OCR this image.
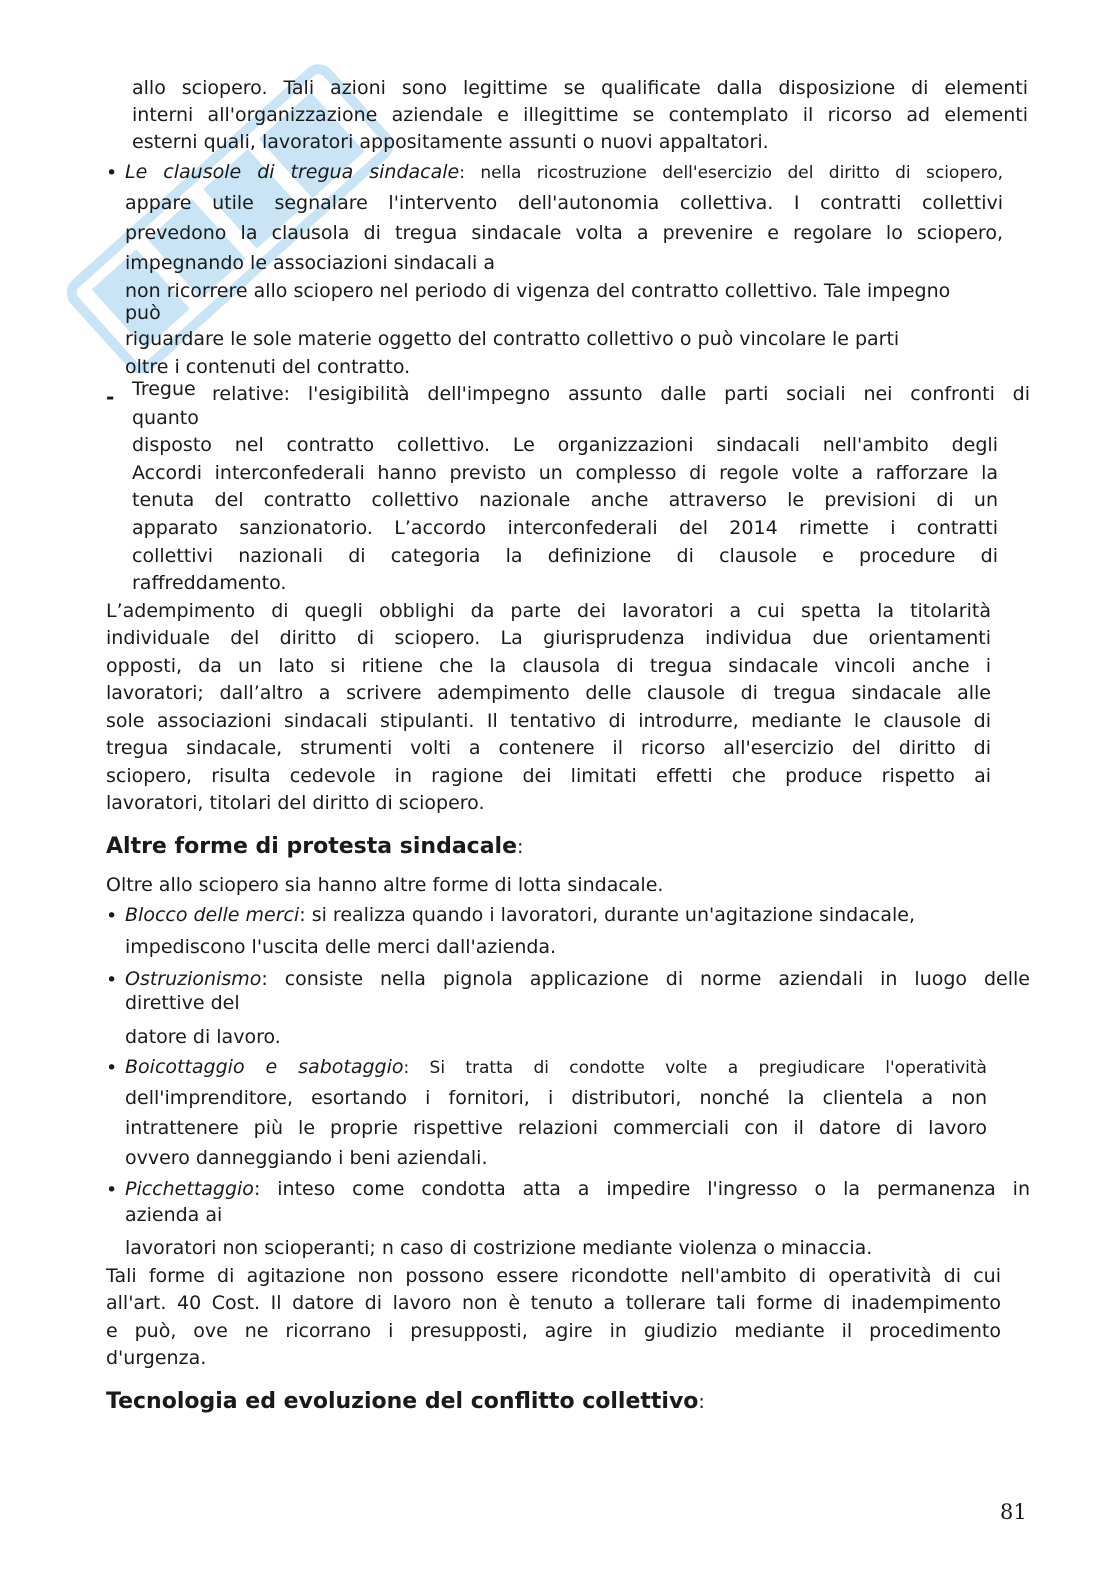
allo sciopero. Tali azioni sono legittime se qualificate dalla disposizione di elementi

interni all'organizzazione aziendale e illegittime se contemplato il ricorso ad elementi

esterni quali, lavoratori appositamente assunti o nuovi appaltatori.

• Le clausole di tregua sindacale: nella ricostruzione dell'esercizio del diritto di sciopero,

appare utile segnalare l'intervento dell'autonomia collettiva. I contratti collettivi

prevedono la clausola di tregua sindacale volta a prevenire e regolare lo sciopero,

impegnando le associazioni sindacali a

non ricorrere allo sciopero nel periodo di vigenza del contratto collettivo. Tale impegno

può

riguardare le sole materie oggetto del contratto collettivo o può vincolare le parti

oltre i contenuti del contratto.

- Tregue relative: l'esigibilità dell'impegno assunto dalle parti sociali nei confronti di

quanto

disposto nel contratto collettivo. Le organizzazioni sindacali nell'ambito degli

Accordi interconfederali hanno previsto un complesso di regole volte a rafforzare la

tenuta del contratto collettivo nazionale anche attraverso le previsioni di un

apparato sanzionatorio. L’accordo interconfederali del 2014 rimette i contratti

collettivi nazionali di categoria la definizione di clausole e procedure di

raffreddamento.

L’adempimento di quegli obblighi da parte dei lavoratori a cui spetta la titolarità

individuale del diritto di sciopero. La giurisprudenza individua due orientamenti

opposti, da un lato si ritiene che la clausola di tregua sindacale vincoli anche i

lavoratori; dall’altro a scrivere adempimento delle clausole di tregua sindacale alle

sole associazioni sindacali stipulanti. Il tentativo di introdurre, mediante le clausole di

tregua sindacale, strumenti volti a contenere il ricorso all'esercizio del diritto di

sciopero, risulta cedevole in ragione dei limitati effetti che produce rispetto ai

lavoratori, titolari del diritto di sciopero.

Altre forme di protesta sindacale:

Oltre allo sciopero sia hanno altre forme di lotta sindacale.

• Blocco delle merci: si realizza quando i lavoratori, durante un'agitazione sindacale,

impediscono l'uscita delle merci dall'azienda.

• Ostruzionismo: consiste nella pignola applicazione di norme aziendali in luogo delle

direttive del

datore di lavoro.

• Boicottaggio e sabotaggio: Si tratta di condotte volte a pregiudicare l'operatività

dell'imprenditore, esortando i fornitori, i distributori, nonché la clientela a non

intrattenere più le proprie rispettive relazioni commerciali con il datore di lavoro

ovvero danneggiando i beni aziendali.

• Picchettaggio: inteso come condotta atta a impedire l'ingresso o la permanenza in

azienda ai

lavoratori non scioperanti; n caso di costrizione mediante violenza o minaccia.

Tali forme di agitazione non possono essere ricondotte nell'ambito di operatività di cui

all'art. 40 Cost. Il datore di lavoro non è tenuto a tollerare tali forme di inadempimento

e può, ove ne ricorrano i presupposti, agire in giudizio mediante il procedimento

d'urgenza.

Tecnologia ed evoluzione del conflitto collettivo:

81
